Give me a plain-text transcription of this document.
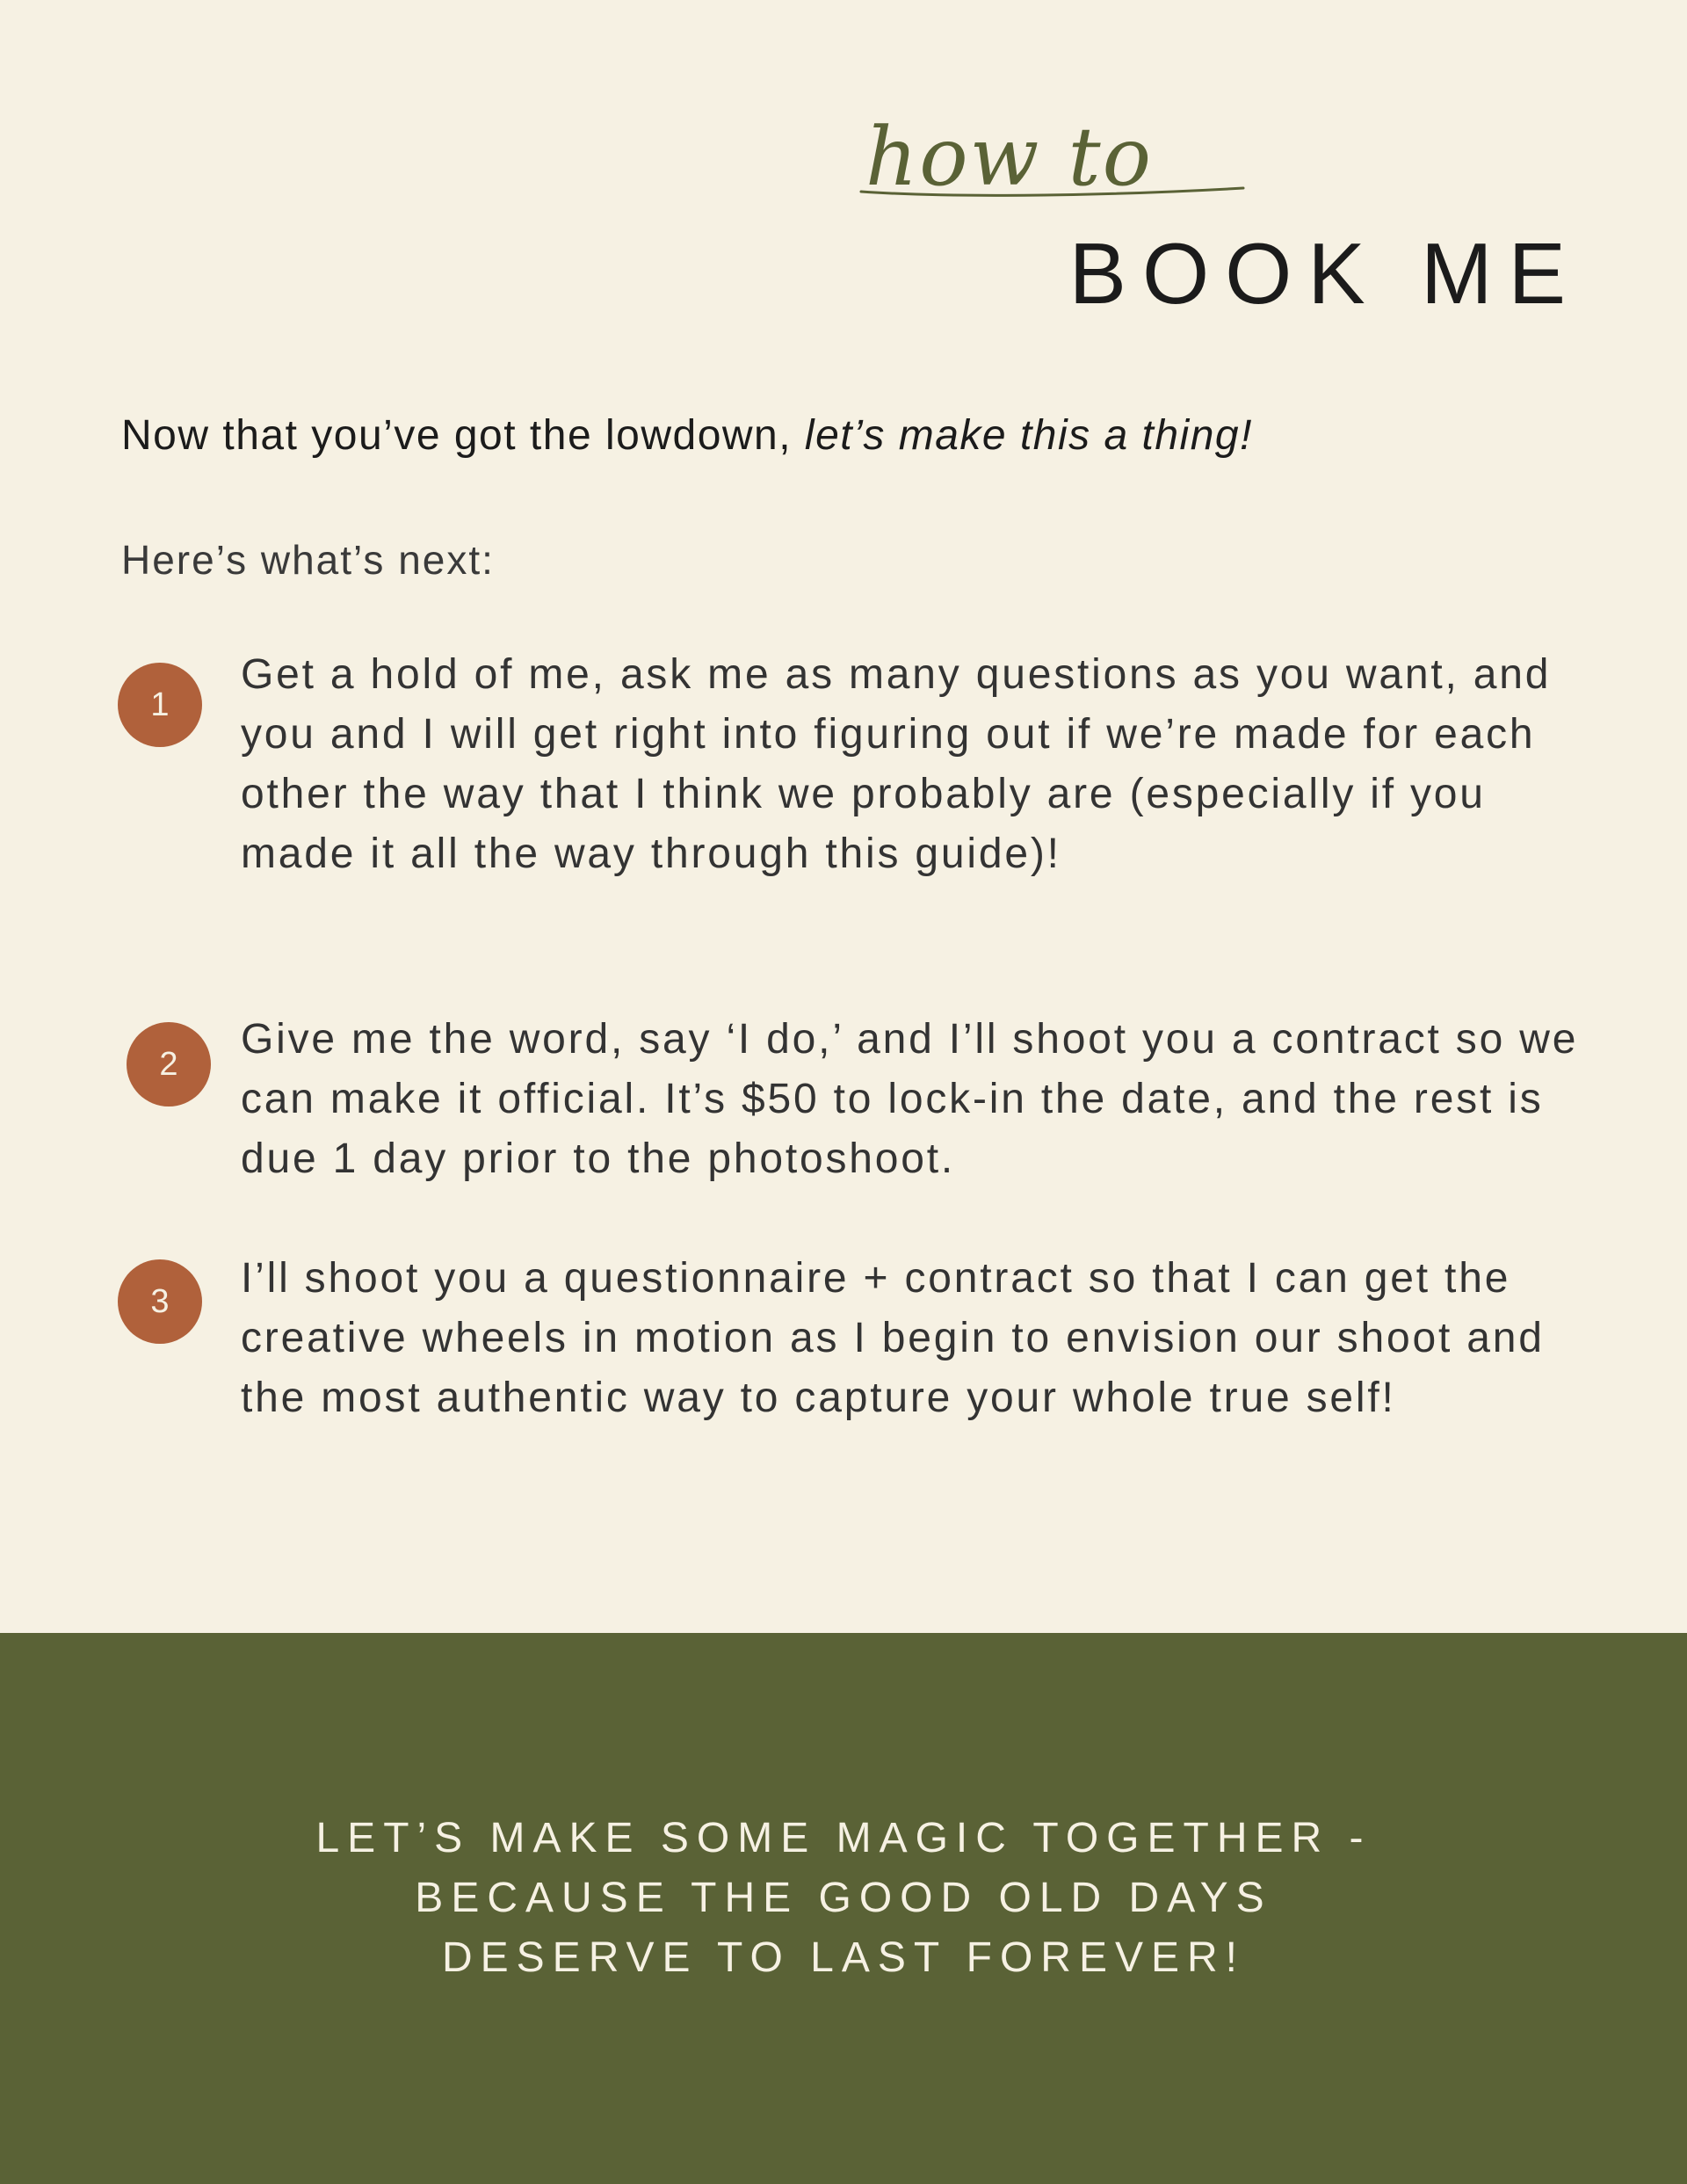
how to
BOOK ME
Now that you’ve got the lowdown, let’s make this a thing!
Here’s what’s next:
1
Get a hold of me, ask me as many questions as you want, and you and I will get right into figuring out if we’re made for each other the way that I think we probably are (especially if you made it all the way through this guide)!
2
Give me the word, say ‘I do,’ and I’ll shoot you a contract so we can make it official. It’s $50 to lock-in the date, and the rest is due 1 day prior to the photoshoot.
3	I’ll shoot you a questionnaire + contract so that I can get the creative wheels in motion as I begin to envision our shoot and the most authentic way to capture your whole true self!
LET’S MAKE SOME MAGIC TOGETHER -
BECAUSE THE GOOD OLD DAYS
DESERVE TO LAST FOREVER!
